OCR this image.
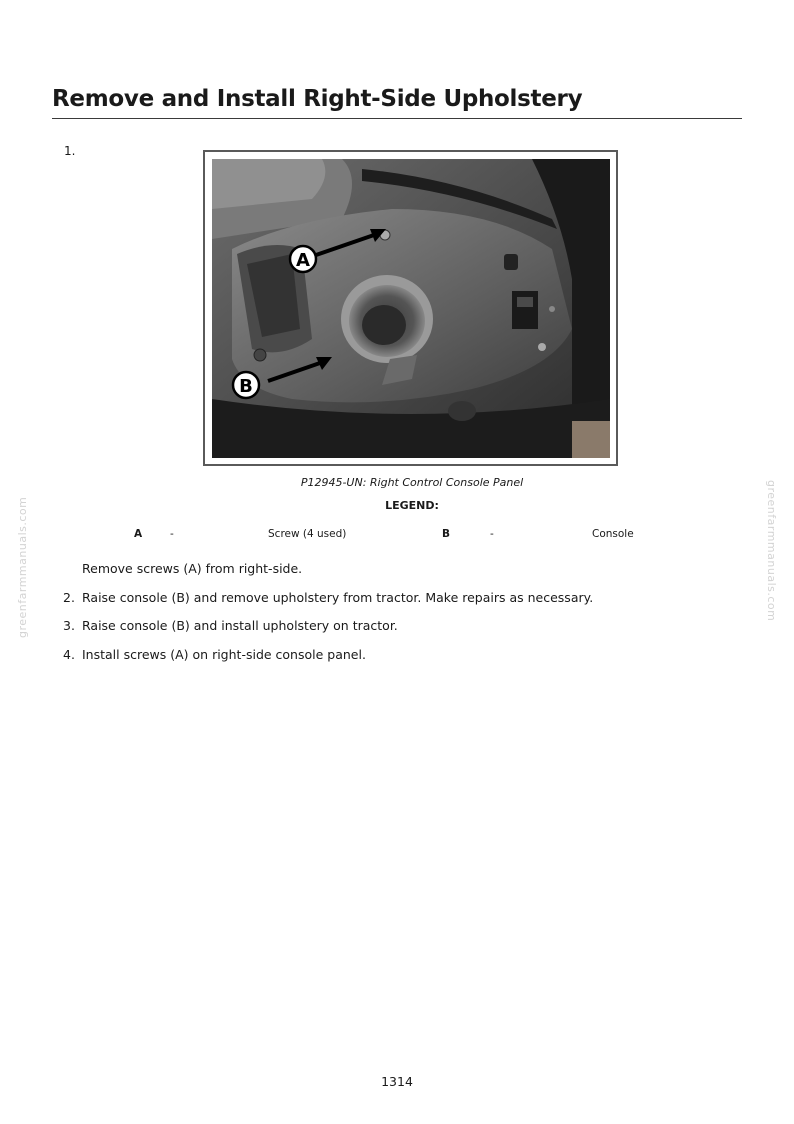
Remove and Install Right-Side Upholstery
1.
A
B
P12945-UN: Right Control Console Panel
LEGEND:
A	-	Screw (4 used)	B	-	Console
Remove screws (A) from right-side.
2. Raise console (B) and remove upholstery from tractor. Make repairs as necessary.
3. Raise console (B) and install upholstery on tractor.
4. Install screws (A) on right-side console panel.
greenfarmmanuals.com	greenfarmmanuals.com
1314
